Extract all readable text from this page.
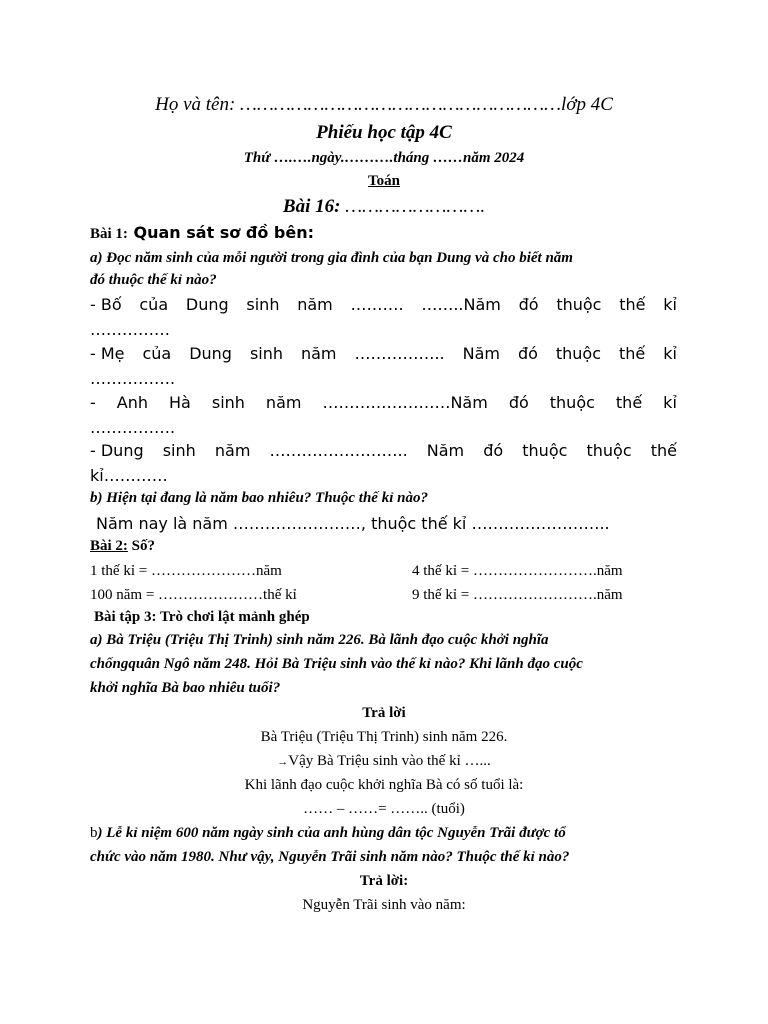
Họ và tên: …………………………………………………lớp 4C
Phiếu học tập 4C
Thứ ….….ngày.……….tháng ……năm 2024
Toán
Bài 16: …………………….
Bài 1: Quan sát sơ đồ bên:
a) Đọc năm sinh của mỗi người trong gia đình của bạn Dung và cho biết năm
đó thuộc thế kỉ nào?
- Bố của Dung sinh năm ………. ……..Năm đó thuộc thế kỉ
……………
- Mẹ của Dung sinh năm …………….. Năm đó thuộc thế kỉ
…………….
- Anh Hà sinh năm ……………………Năm đó thuộc thế kỉ
…………….
- Dung sinh năm …………………….. Năm đó thuộc thuộc thế
kỉ…………
b) Hiện tại đang là năm bao nhiêu? Thuộc thế kỉ nào?
Năm nay là năm ……………………, thuộc thế kỉ ……………………..
Bài 2: Số?
1 thế kỉ = …………………năm	4 thế kỉ = …………………….năm
100 năm = …………………thế kỉ	9 thế kỉ = …………………….năm
Bài tập 3: Trò chơi lật mảnh ghép
a) Bà Triệu (Triệu Thị Trinh) sinh năm 226. Bà lãnh đạo cuộc khởi nghĩa
chốngquân Ngô năm 248. Hỏi Bà Triệu sinh vào thế kỉ nào? Khi lãnh đạo cuộc
khởi nghĩa Bà bao nhiêu tuổi?
Trả lời
Bà Triệu (Triệu Thị Trinh) sinh năm 226.
→Vậy Bà Triệu sinh vào thế kỉ …...
Khi lãnh đạo cuộc khởi nghĩa Bà có số tuổi là:
…… – ……= …….. (tuổi)
b) Lễ kỉ niệm 600 năm ngày sinh của anh hùng dân tộc Nguyễn Trãi được tổ
chức vào năm 1980. Như vậy, Nguyễn Trãi sinh năm nào? Thuộc thế kỉ nào?
Trả lời:
Nguyễn Trãi sinh vào năm:
